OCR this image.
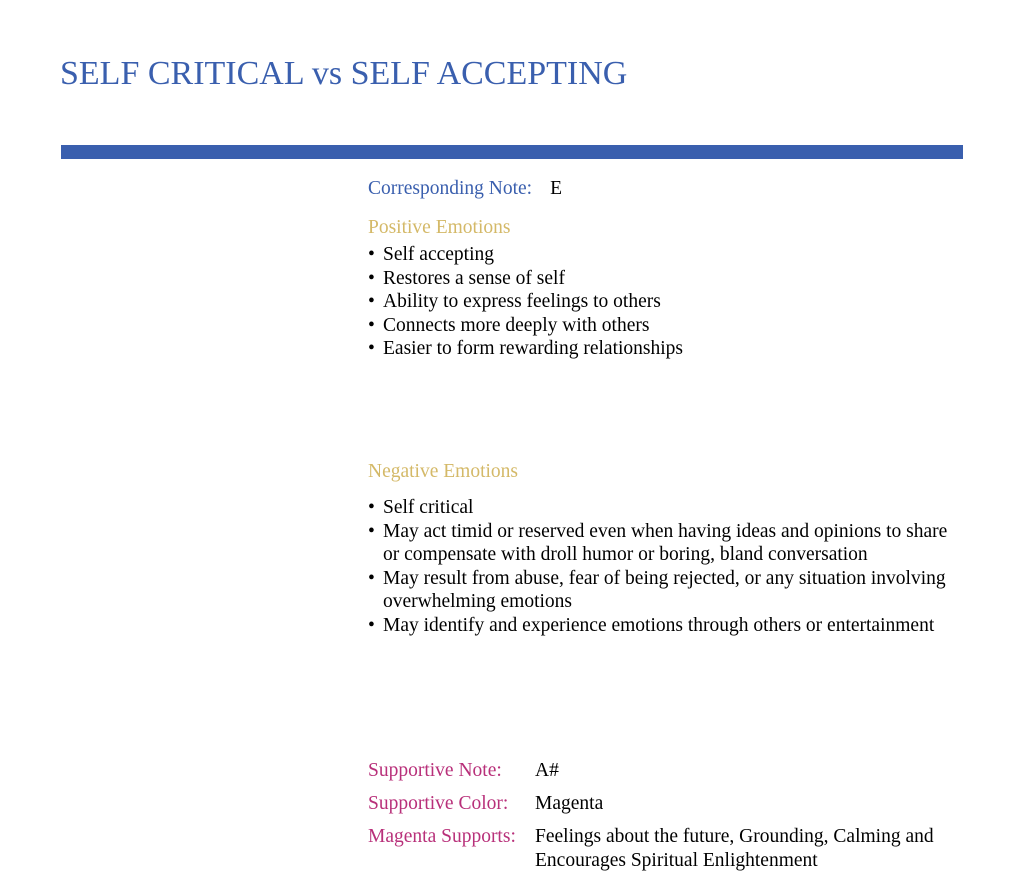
SELF CRITICAL vs SELF ACCEPTING
Corresponding Note: E
Positive Emotions
• Self accepting
• Restores a sense of self
• Ability to express feelings to others
• Connects more deeply with others
• Easier to form rewarding relationships
Negative Emotions
• Self critical
• May act timid or reserved even when having ideas and opinions to share or compensate with droll humor or boring, bland conversation
• May result from abuse, fear of being rejected, or any situation involving overwhelming emotions
• May identify and experience emotions through others or entertainment
Supportive Note:	A#
Supportive Color:	Magenta
Magenta Supports: Feelings about the future, Grounding, Calming and Encourages Spiritual Enlightenment
